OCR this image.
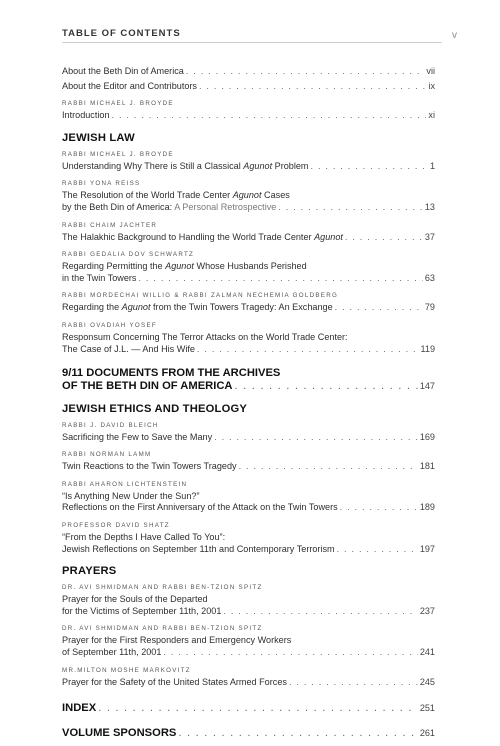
TABLE OF CONTENTS	v
About the Beth Din of America . . .	vii
About the Editor and Contributors . . .	ix
RABBI MICHAEL J. BROYDE
Introduction . . .	xi
JEWISH LAW
RABBI MICHAEL J. BROYDE
Understanding Why There is Still a Classical Agunot Problem . . .	1
RABBI YONA REISS
The Resolution of the World Trade Center Agunot Cases
by the Beth Din of America: A Personal Retrospective . . .	13
RABBI CHAIM JACHTER
The Halakhic Background to Handling the World Trade Center Agunot . . .	37
RABBI GEDALIA DOV SCHWARTZ
Regarding Permitting the Agunot Whose Husbands Perished
in the Twin Towers . . .	63
RABBI MORDECHAI WILLIG & RABBI ZALMAN NECHEMIA GOLDBERG
Regarding the Agunot from the Twin Towers Tragedy: An Exchange . . .	79
RABBI OVADIAH YOSEF
Responsum Concerning The Terror Attacks on the World Trade Center:
The Case of J.L. — And His Wife . . .	119
9/11 DOCUMENTS FROM THE ARCHIVES
OF THE BETH DIN OF AMERICA . . .	147
JEWISH ETHICS AND THEOLOGY
RABBI J. DAVID BLEICH
Sacrificing the Few to Save the Many . . .	169
RABBI NORMAN LAMM
Twin Reactions to the Twin Towers Tragedy . . .	181
RABBI AHARON LICHTENSTEIN
“Is Anything New Under the Sun?”
Reflections on the First Anniversary of the Attack on the Twin Towers . . .	189
PROFESSOR DAVID SHATZ
“From the Depths I Have Called To You”:
Jewish Reflections on September 11th and Contemporary Terrorism . . .	197
PRAYERS
DR. AVI SHMIDMAN AND RABBI BEN-TZION SPITZ
Prayer for the Souls of the Departed
for the Victims of September 11th, 2001 . . .	237
DR. AVI SHMIDMAN AND RABBI BEN-TZION SPITZ
Prayer for the First Responders and Emergency Workers
of September 11th, 2001 . . .	241
MR.MILTON MOSHE MARKOVITZ
Prayer for the Safety of the United States Armed Forces . . .	245
INDEX . . .	251
VOLUME SPONSORS . . .	261
